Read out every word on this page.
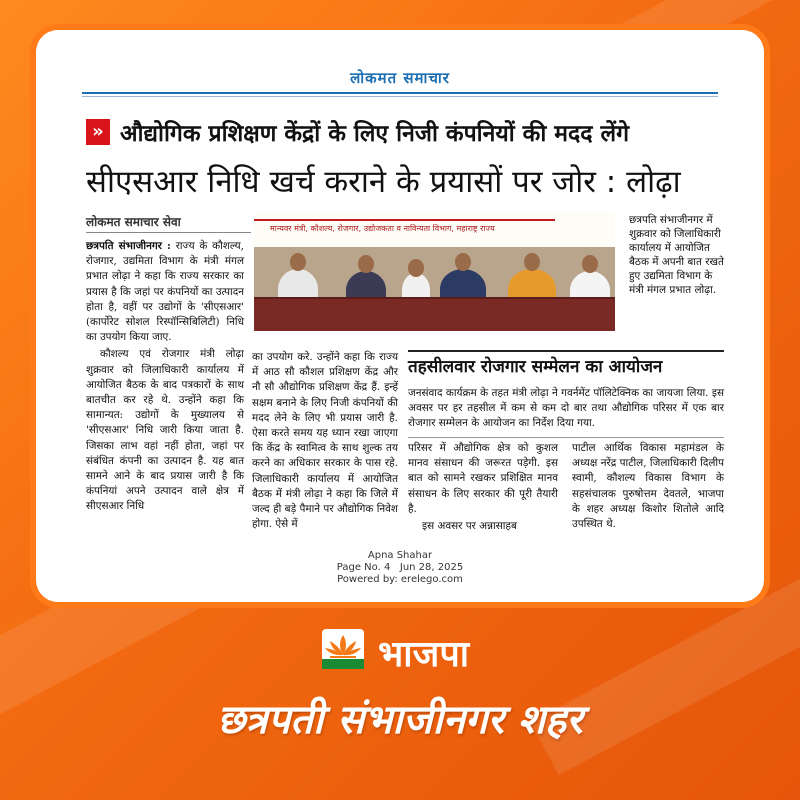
लोकमत समाचार
» औद्योगिक प्रशिक्षण केंद्रों के लिए निजी कंपनियों की मदद लेंगे
सीएसआर निधि खर्च कराने के प्रयासों पर जोर : लोढ़ा
लोकमत समाचार सेवा

छत्रपति संभाजीनगर : राज्य के कौशल्य, रोजगार, उद्यमिता विभाग के मंत्री मंगल प्रभात लोढ़ा ने कहा कि राज्य सरकार का प्रयास है कि जहां पर कंपनियों का उत्पादन होता है, वहीं पर उद्योगों के 'सीएसआर' (कार्पोरेट सोशल रिस्पॉन्सिबिलिटी) निधि का उपयोग किया जाए.

कौशल्य एवं रोजगार मंत्री लोढ़ा शुक्रवार को जिलाधिकारी कार्यालय में आयोजित बैठक के बाद पत्रकारों के साथ बातचीत कर रहे थे. उन्होंने कहा कि सामान्यत: उद्योगों के मुख्यालय से 'सीएसआर' निधि जारी किया जाता है. जिसका लाभ वहां नहीं होता, जहां पर संबंधित कंपनी का उत्पादन है. यह बात सामने आने के बाद प्रयास जारी है कि कंपनियां अपने उत्पादन वाले क्षेत्र में सीएसआर निधि

मान्यवर मंत्री, कौशल्य, रोजगार, उद्योजकता व नाविन्यता विभाग, महाराष्ट्र राज्य
छत्रपति संभाजीनगर में शुक्रवार को जिलाधिकारी कार्यालय में आयोजित बैठक में अपनी बात रखते हुए उद्यमिता विभाग के मंत्री मंगल प्रभात लोढ़ा.

का उपयोग करे. उन्होंने कहा कि राज्य में आठ सौ कौशल प्रशिक्षण केंद्र और नौ सौ औद्योगिक प्रशिक्षण केंद्र हैं. इन्हें सक्षम बनाने के लिए निजी कंपनियों की मदद लेने के लिए भी प्रयास जारी है. ऐसा करते समय यह ध्यान रखा जाएगा कि केंद्र के स्वामित्व के साथ शुल्क तय करने का अधिकार सरकार के पास रहे. जिलाधिकारी कार्यालय में आयोजित बैठक में मंत्री लोढ़ा ने कहा कि जिले में जल्द ही बड़े पैमाने पर औद्योगिक निवेश होगा. ऐसे में

तहसीलवार रोजगार सम्मेलन का आयोजन
जनसंवाद कार्यक्रम के तहत मंत्री लोढ़ा ने गवर्नमेंट पॉलिटेक्निक का जायजा लिया. इस अवसर पर हर तहसील में कम से कम दो बार तथा औद्योगिक परिसर में एक बार रोजगार सम्मेलन के आयोजन का निर्देश दिया गया.

परिसर में औद्योगिक क्षेत्र को कुशल मानव संसाधन की जरूरत पड़ेगी. इस बात को सामने रखकर प्रशिक्षित मानव संसाधन के लिए सरकार की पूरी तैयारी है.

इस अवसर पर अन्नासाहब

पाटील आर्थिक विकास महामंडल के अध्यक्ष नरेंद्र पाटील, जिलाधिकारी दिलीप स्वामी, कौशल्य विकास विभाग के सहसंचालक पुरुषोत्तम देवतले, भाजपा के शहर अध्यक्ष किशोर शितोले आदि उपस्थित थे.

Apna Shahar
Page No. 4   Jun 28, 2025
Powered by: erelego.com
भाजपा
छत्रपती संभाजीनगर शहर
